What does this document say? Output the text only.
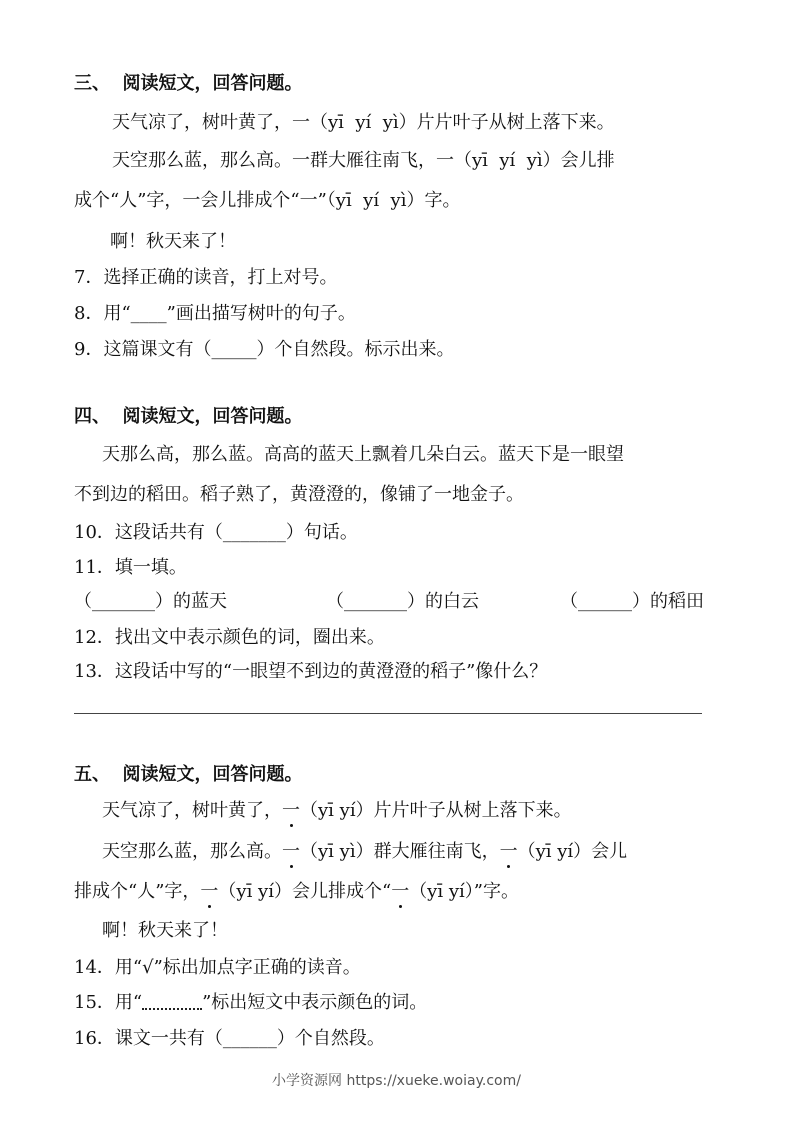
三、  阅读短文，回答问题。
天气凉了，树叶黄了，一（yī  yí  yì）片片叶子从树上落下来。
天空那么蓝，那么高。一群大雁往南飞，一（yī  yí  yì）会儿排
成个“人”字，一会儿排成个“一”（yī  yí  yì）字。
啊！秋天来了！
7．选择正确的读音，打上对号。
8．用“____”画出描写树叶的句子。
9．这篇课文有（_____）个自然段。标示出来。
四、  阅读短文，回答问题。
天那么高，那么蓝。高高的蓝天上飘着几朵白云。蓝天下是一眼望
不到边的稻田。稻子熟了，黄澄澄的，像铺了一地金子。
10．这段话共有（_______）句话。
11．填一填。
（_______）的蓝天	（_______）的白云	（______）的稻田
12．找出文中表示颜色的词，圈出来。
13．这段话中写的“一眼望不到边的黄澄澄的稻子”像什么？
五、  阅读短文，回答问题。
天气凉了，树叶黄了，一（yī yí）片片叶子从树上落下来。
天空那么蓝，那么高。一（yī yì）群大雁往南飞，一（yī yí）会儿
排成个“人”字，一（yī yí）会儿排成个“一（yī yí）”字。
啊！秋天来了！
14．用“√”标出加点字正确的读音。
15．用“	”标出短文中表示颜色的词。
16．课文一共有（______）个自然段。
小学资源网 https://xueke.woiay.com/
